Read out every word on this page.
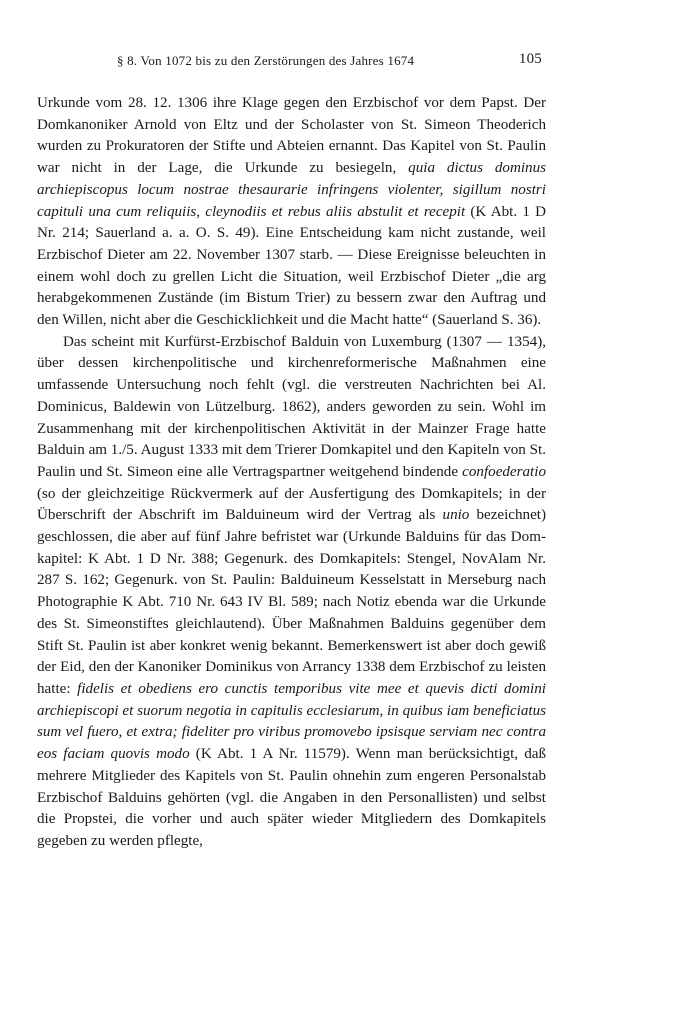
§ 8. Von 1072 bis zu den Zerstörungen des Jahres 1674	105

Urkunde vom 28. 12. 1306 ihre Klage gegen den Erzbischof vor dem Papst. Der Domkanoniker Arnold von Eltz und der Scholaster von St. Simeon Theoderich wurden zu Prokuratoren der Stifte und Abteien ernannt. Das Kapitel von St. Paulin war nicht in der Lage, die Urkunde zu besiegeln, quia dictus dominus archiepiscopus locum nostrae thesaurarie infringens violenter, sigillum nostri capituli una cum reliquiis, cleynodiis et rebus aliis abstulit et recepit (K Abt. 1 D Nr. 214; Sauerland a. a. O. S. 49). Eine Entscheidung kam nicht zustande, weil Erzbischof Dieter am 22. November 1307 starb. — Diese Ereignisse beleuchten in einem wohl doch zu grellen Licht die Situation, weil Erzbischof Dieter „die arg herabgekommenen Zustände (im Bistum Trier) zu bessern zwar den Auftrag und den Willen, nicht aber die Geschicklichkeit und die Macht hatte“ (Sauerland S. 36).

Das scheint mit Kurfürst-Erzbischof Balduin von Luxemburg (1307 — 1354), über dessen kirchenpolitische und kirchenreformerische Maßnahmen eine umfassende Untersuchung noch fehlt (vgl. die verstreuten Nachrichten bei Al. Dominicus, Baldewin von Lützelburg. 1862), anders geworden zu sein. Wohl im Zusammenhang mit der kirchenpolitischen Aktivität in der Mainzer Frage hatte Balduin am 1./5. August 1333 mit dem Trierer Domkapitel und den Kapiteln von St. Paulin und St. Simeon eine alle Vertragspartner weitgehend bindende confoederatio (so der gleichzeitige Rückvermerk auf der Ausfertigung des Domkapitels; in der Überschrift der Abschrift im Balduineum wird der Vertrag als unio bezeichnet) geschlossen, die aber auf fünf Jahre befristet war (Urkunde Balduins für das Domkapitel: K Abt. 1 D Nr. 388; Gegenurk. des Domkapitels: Stengel, NovAlam Nr. 287 S. 162; Gegenurk. von St. Paulin: Balduineum Kesselstatt in Merseburg nach Photographie K Abt. 710 Nr. 643 IV Bl. 589; nach Notiz ebenda war die Urkunde des St. Simeonstiftes gleichlautend). Über Maßnahmen Balduins gegenüber dem Stift St. Paulin ist aber konkret wenig bekannt. Bemerkenswert ist aber doch gewiß der Eid, den der Kanoniker Dominikus von Arrancy 1338 dem Erzbischof zu leisten hatte: fidelis et obediens ero cunctis temporibus vite mee et quevis dicti domini archiepiscopi et suorum negotia in capitulis ecclesiarum, in quibus iam beneficiatus sum vel fuero, et extra; fideliter pro viribus promovebo ipsisque serviam nec contra eos faciam quovis modo (K Abt. 1 A Nr. 11579). Wenn man berücksichtigt, daß mehrere Mitglieder des Kapitels von St. Paulin ohnehin zum engeren Personalstab Erzbischof Balduins gehörten (vgl. die Angaben in den Personallisten) und selbst die Propstei, die vorher und auch später wieder Mitgliedern des Domkapitels gegeben zu werden pflegte,
